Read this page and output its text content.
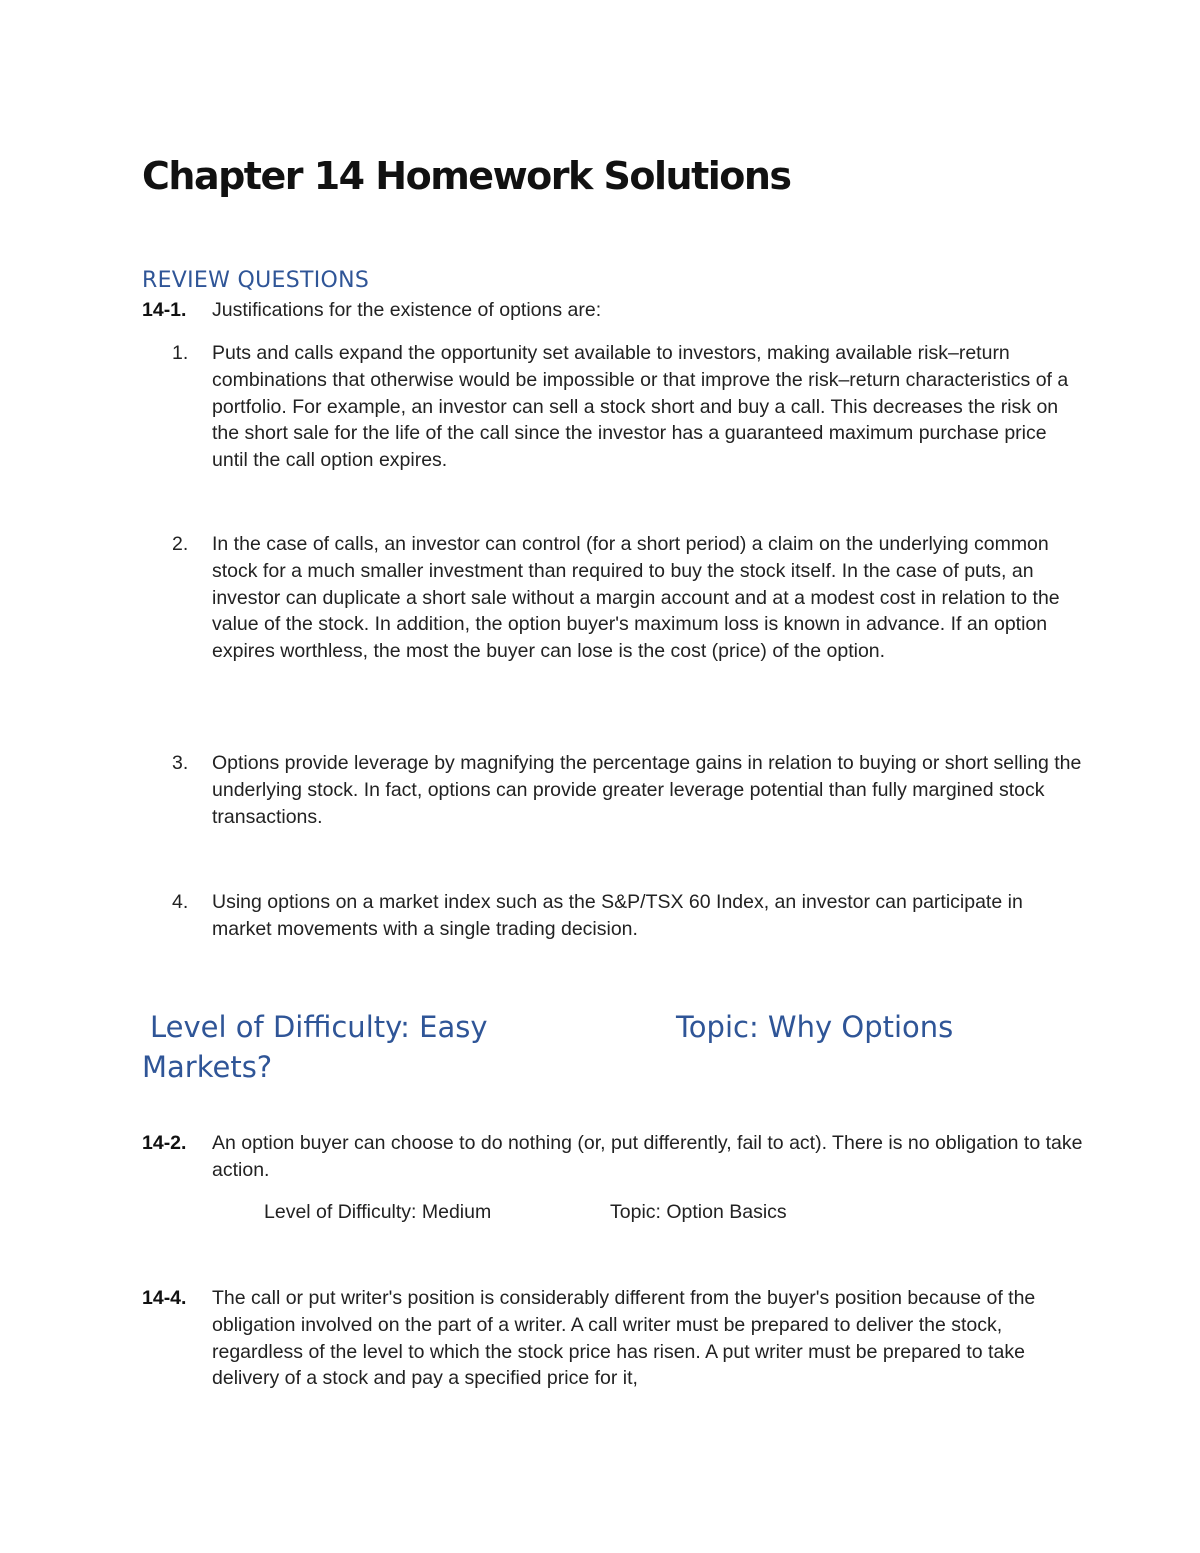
Chapter 14 Homework Solutions
REVIEW QUESTIONS
14-1. Justifications for the existence of options are:
1.	Puts and calls expand the opportunity set available to investors, making available risk–return combinations that otherwise would be impossible or that improve the risk–return characteristics of a portfolio. For example, an investor can sell a stock short and buy a call. This decreases the risk on the short sale for the life of the call since the investor has a guaranteed maximum purchase price until the call option expires.
2.	In the case of calls, an investor can control (for a short period) a claim on the underlying common stock for a much smaller investment than required to buy the stock itself. In the case of puts, an investor can duplicate a short sale without a margin account and at a modest cost in relation to the value of the stock. In addition, the option buyer's maximum loss is known in advance. If an option expires worthless, the most the buyer can lose is the cost (price) of the option.
3.	Options provide leverage by magnifying the percentage gains in relation to buying or short selling the underlying stock. In fact, options can provide greater leverage potential than fully margined stock transactions.
4.	Using options on a market index such as the S&P/TSX 60 Index, an investor can participate in market movements with a single trading decision.
Level of Difficulty: Easy	Topic: Why Options
Markets?
14-2. An option buyer can choose to do nothing (or, put differently, fail to act). There is no obligation to take action.
Level of Difficulty: Medium	Topic: Option Basics
14-4. The call or put writer's position is considerably different from the buyer's position because of the obligation involved on the part of a writer. A call writer must be prepared to deliver the stock, regardless of the level to which the stock price has risen. A put writer must be prepared to take delivery of a stock and pay a specified price for it,
